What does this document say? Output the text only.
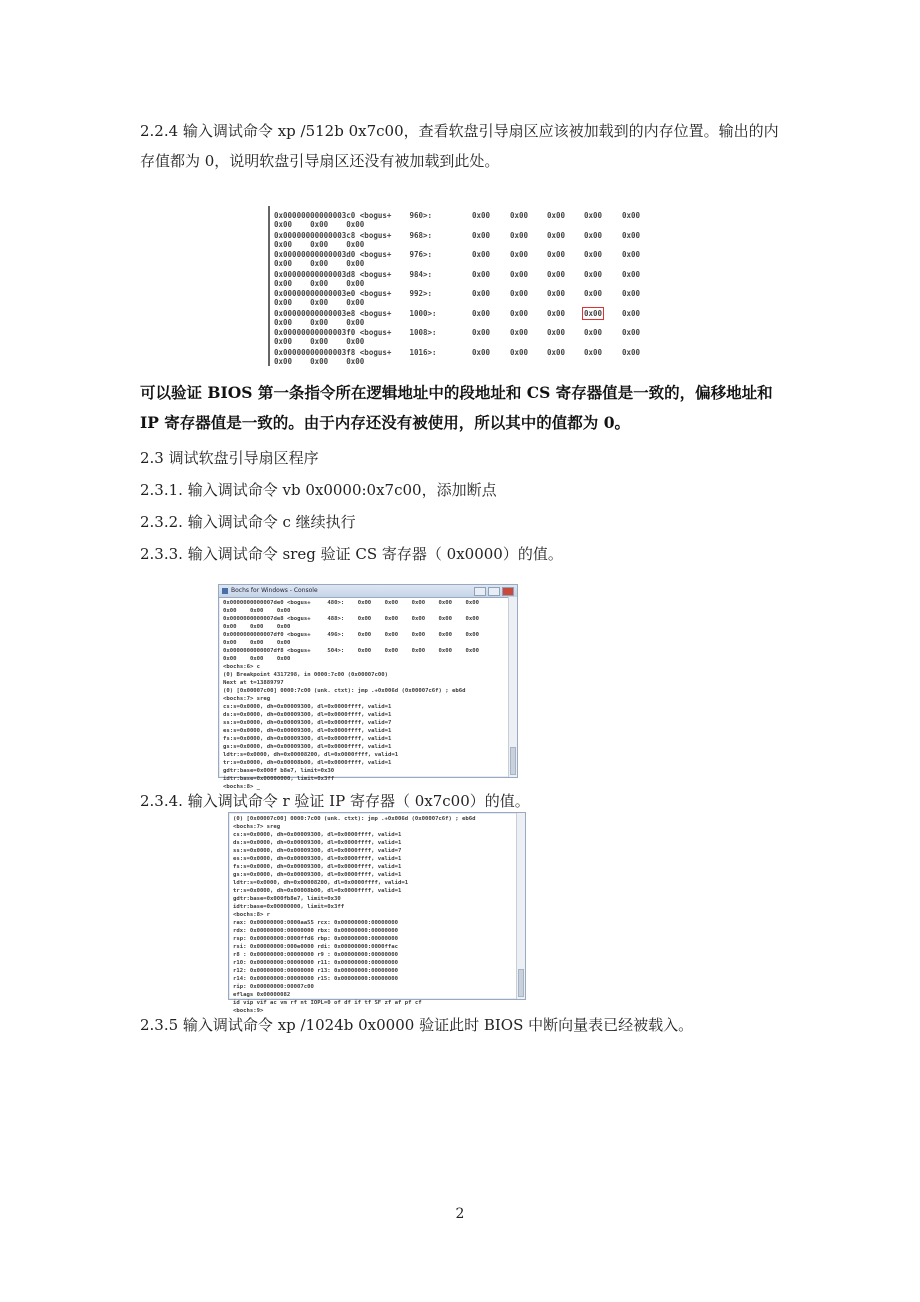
2.2.4 输入调试命令 xp /512b 0x7c00，查看软盘引导扇区应该被加载到的内存位置。输出的内存值都为 0，说明软盘引导扇区还没有被加载到此处。

0x00000000000003c0 <bogus+    960>:	0x00	0x00	0x00	0x00	0x00
0x00    0x00    0x00
0x00000000000003c8 <bogus+    968>:	0x00	0x00	0x00	0x00	0x00
0x00    0x00    0x00
0x00000000000003d0 <bogus+    976>:	0x00	0x00	0x00	0x00	0x00
0x00    0x00    0x00
0x00000000000003d8 <bogus+    984>:	0x00	0x00	0x00	0x00	0x00
0x00    0x00    0x00
0x00000000000003e0 <bogus+    992>:	0x00	0x00	0x00	0x00	0x00
0x00    0x00    0x00
0x00000000000003e8 <bogus+    1000>:	0x00	0x00	0x00	0x00	0x00
0x00    0x00    0x00
0x00000000000003f0 <bogus+    1008>:	0x00	0x00	0x00	0x00	0x00
0x00    0x00    0x00
0x00000000000003f8 <bogus+    1016>:	0x00	0x00	0x00	0x00	0x00
0x00    0x00    0x00

可以验证 BIOS 第一条指令所在逻辑地址中的段地址和 CS 寄存器值是一致的，偏移地址和 IP 寄存器值是一致的。由于内存还没有被使用，所以其中的值都为 0。

2.3 调试软盘引导扇区程序

2.3.1. 输入调试命令 vb 0x0000:0x7c00，添加断点

2.3.2. 输入调试命令 c 继续执行

2.3.3. 输入调试命令 sreg 验证 CS 寄存器（ 0x0000）的值。

Bochs for Windows - Console
0x0000000000007de0 <bogus+     480>:    0x00    0x00    0x00    0x00    0x00
0x00    0x00    0x00
0x0000000000007de8 <bogus+     488>:    0x00    0x00    0x00    0x00    0x00
0x00    0x00    0x00
0x0000000000007df0 <bogus+     496>:    0x00    0x00    0x00    0x00    0x00
0x00    0x00    0x00
0x0000000000007df8 <bogus+     504>:    0x00    0x00    0x00    0x00    0x00
0x00    0x00    0x00
<bochs:6> c
(0) Breakpoint 4317298, in 0000:7c00 (0x00007c00)
Next at t=13889797
(0) [0x00007c00] 0000:7c00 (unk. ctxt): jmp .+0x006d (0x00007c6f) ; eb6d
<bochs:7> sreg
cs:s=0x0000, dh=0x00009300, dl=0x0000ffff, valid=1
ds:s=0x0000, dh=0x00009300, dl=0x0000ffff, valid=1
ss:s=0x0000, dh=0x00009300, dl=0x0000ffff, valid=7
es:s=0x0000, dh=0x00009300, dl=0x0000ffff, valid=1
fs:s=0x0000, dh=0x00009300, dl=0x0000ffff, valid=1
gs:s=0x0000, dh=0x00009300, dl=0x0000ffff, valid=1
ldtr:s=0x0000, dh=0x00008200, dl=0x0000ffff, valid=1
tr:s=0x0000, dh=0x00008b00, dl=0x0000ffff, valid=1
gdtr:base=0x000f b8e7, limit=0x30
idtr:base=0x00000000, limit=0x3ff
<bochs:8> _

2.3.4. 输入调试命令 r 验证 IP 寄存器（ 0x7c00）的值。

(0) [0x00007c00] 0000:7c00 (unk. ctxt): jmp .+0x006d (0x00007c6f) ; eb6d
<bochs:7> sreg
cs:s=0x0000, dh=0x00009300, dl=0x0000ffff, valid=1
ds:s=0x0000, dh=0x00009300, dl=0x0000ffff, valid=1
ss:s=0x0000, dh=0x00009300, dl=0x0000ffff, valid=7
es:s=0x0000, dh=0x00009300, dl=0x0000ffff, valid=1
fs:s=0x0000, dh=0x00009300, dl=0x0000ffff, valid=1
gs:s=0x0000, dh=0x00009300, dl=0x0000ffff, valid=1
ldtr:s=0x0000, dh=0x00008200, dl=0x0000ffff, valid=1
tr:s=0x0000, dh=0x00008b00, dl=0x0000ffff, valid=1
gdtr:base=0x000fb8e7, limit=0x30
idtr:base=0x00000000, limit=0x3ff
<bochs:8> r
rax: 0x00000000:0000aa55 rcx: 0x00000000:00000000
rdx: 0x00000000:00000000 rbx: 0x00000000:00000000
rsp: 0x00000000:0000ffd6 rbp: 0x00000000:00000000
rsi: 0x00000000:000e0000 rdi: 0x00000000:0000ffac
r8 : 0x00000000:00000000 r9 : 0x00000000:00000000
r10: 0x00000000:00000000 r11: 0x00000000:00000000
r12: 0x00000000:00000000 r13: 0x00000000:00000000
r14: 0x00000000:00000000 r15: 0x00000000:00000000
rip: 0x00000000:00007c00
eflags 0x00000082
id vip vif ac vm rf nt IOPL=0 of df if tf SF zf af pf cf
<bochs:9>

2.3.5 输入调试命令 xp /1024b 0x0000 验证此时 BIOS 中断向量表已经被载入。

2
